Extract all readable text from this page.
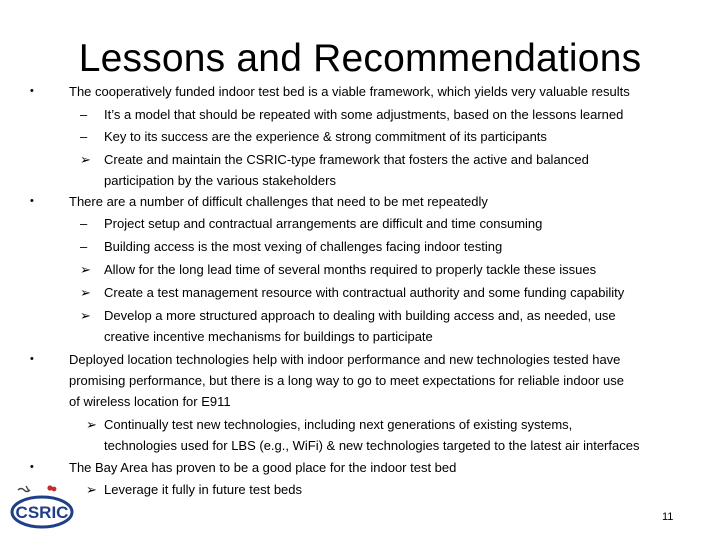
Lessons and Recommendations
•	The cooperatively funded indoor test bed is a viable framework, which yields very valuable results
– It’s a model that should be repeated with some adjustments, based on the lessons learned
– Key to its success are the experience & strong commitment of its participants
➢ Create and maintain the CSRIC-type framework that fosters the active and balanced
participation by the various stakeholders
•	There are a number of difficult challenges that need to be met repeatedly
– Project setup and contractual arrangements are difficult and time consuming
– Building access is the most vexing of challenges facing indoor testing
➢ Allow for the long lead time of several months required to properly tackle these issues
➢ Create a test management resource with contractual authority and some funding capability
➢ Develop a more structured approach to dealing with building access and, as needed, use
creative incentive mechanisms for buildings to participate
•	Deployed location technologies help with indoor performance and new technologies tested have
promising performance, but there is a long way to go to meet expectations for reliable indoor use
of wireless location for E911
➢ Continually test new technologies, including next generations of existing systems,
technologies used for LBS (e.g., WiFi) & new technologies targeted to the latest air interfaces
•	The Bay Area has proven to be a good place for the indoor test bed
➢ Leverage it fully in future test beds
CSRIC	11
